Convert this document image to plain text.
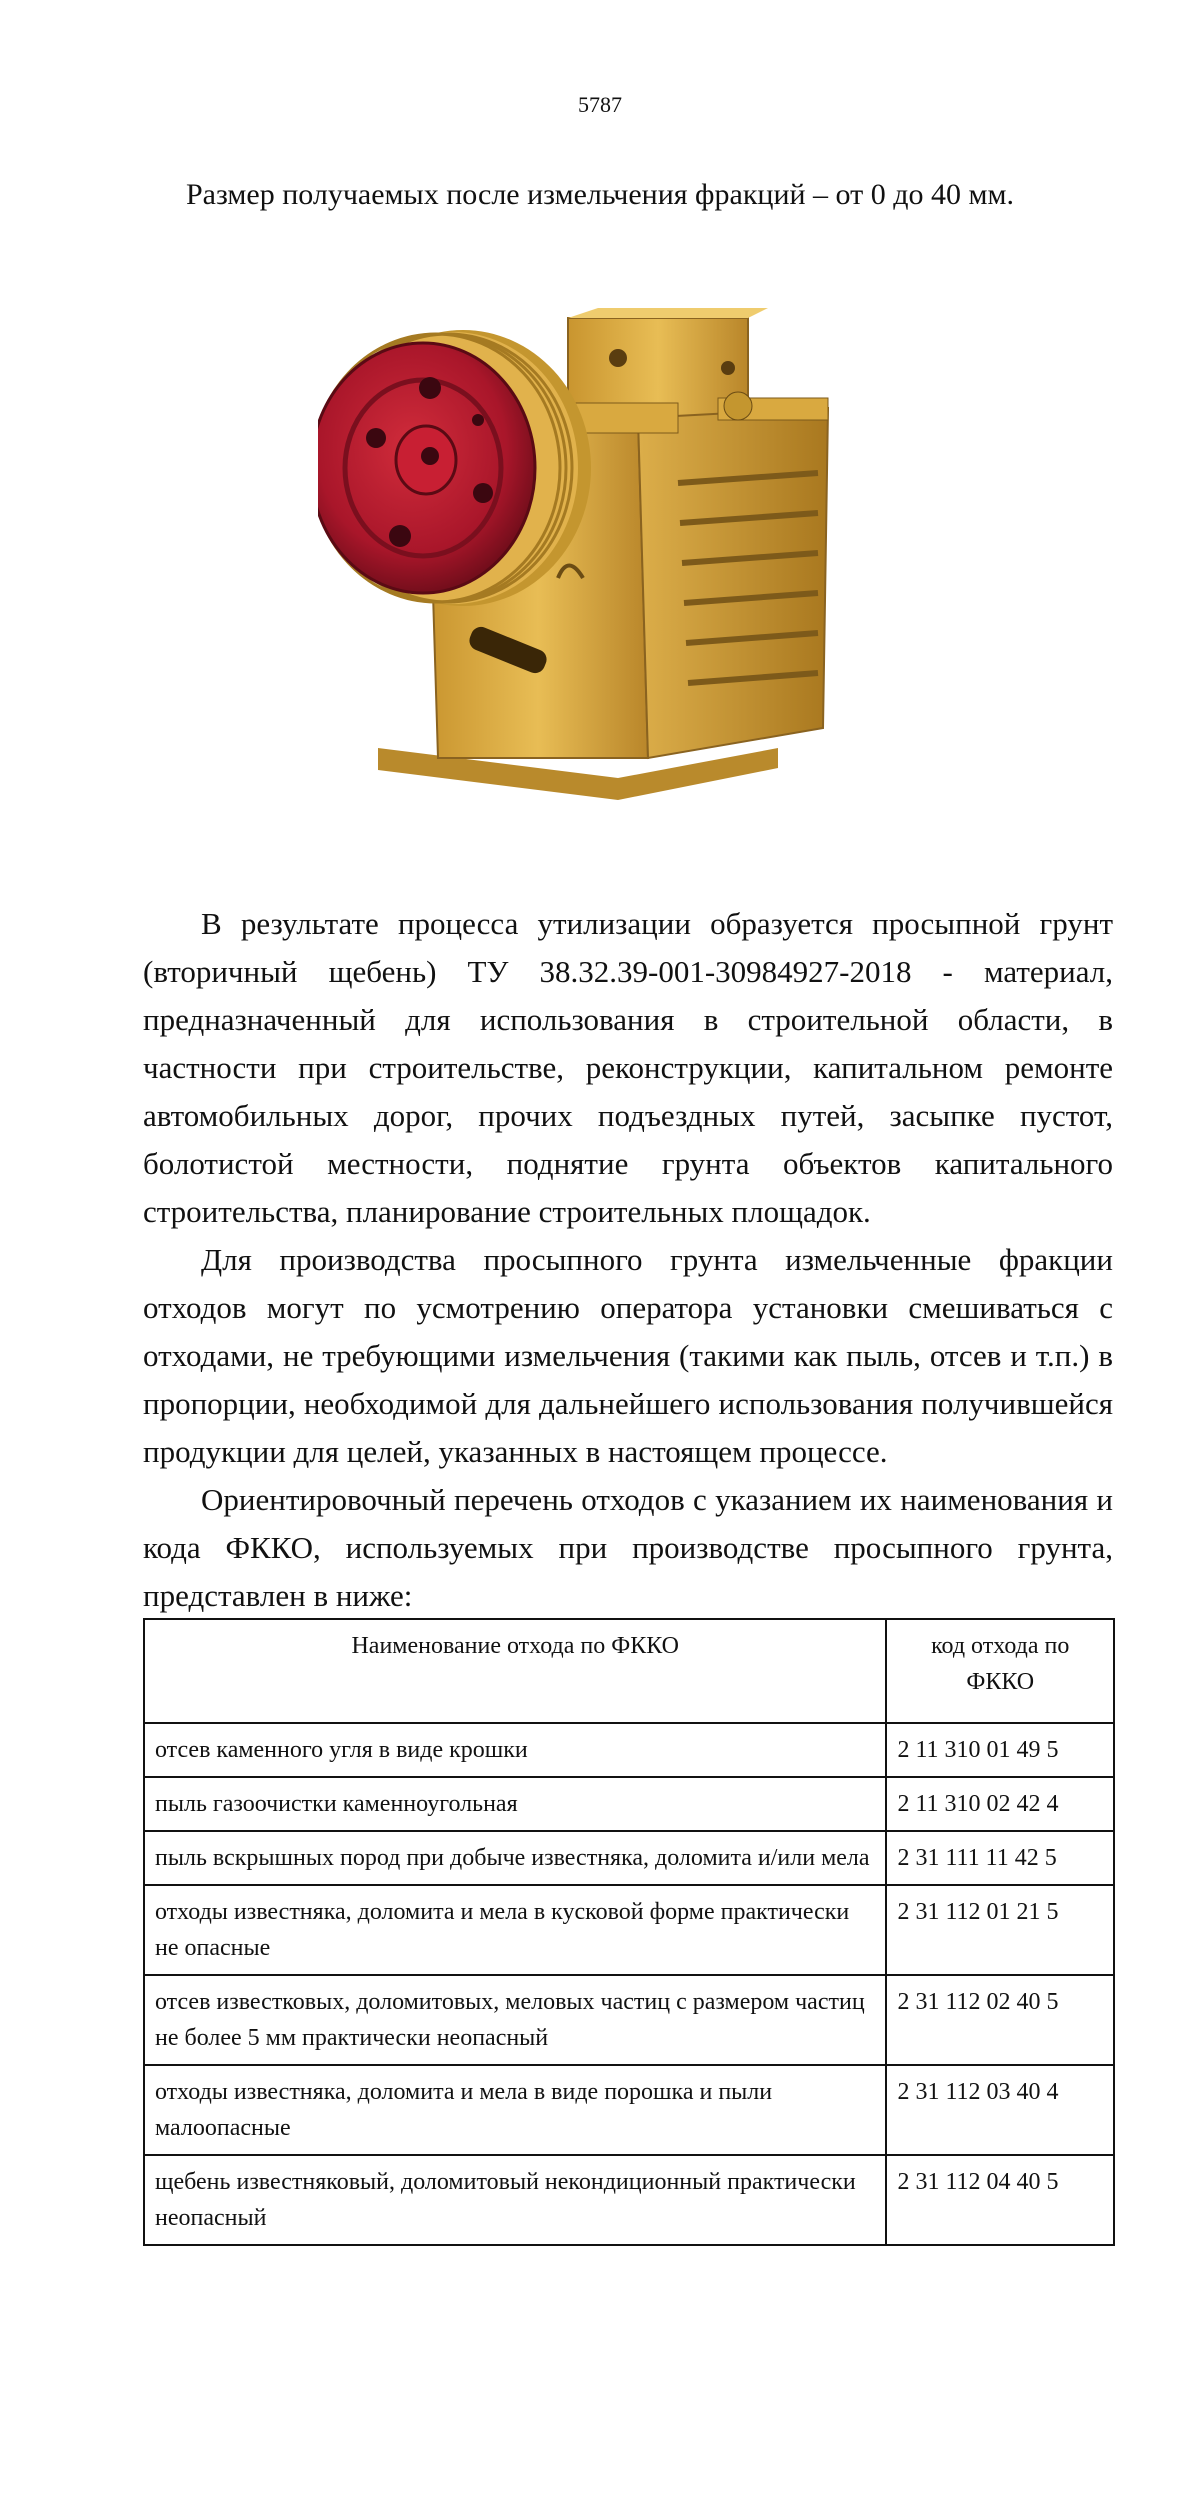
5787
Размер получаемых после измельчения фракций – от 0 до 40 мм.

В результате процесса утилизации образуется просыпной грунт (вторичный щебень) ТУ 38.32.39-001-30984927-2018 - материал, предназначенный для использования в строительной области, в частности при строительстве, реконструкции, капитальном ремонте автомобильных дорог, прочих подъездных путей, засыпке пустот, болотистой местности, поднятие грунта объектов капитального строительства, планирование строительных площадок.

Для производства просыпного грунта измельченные фракции отходов могут по усмотрению оператора установки смешиваться с отходами, не требующими измельчения (такими как пыль, отсев и т.п.) в пропорции, необходимой для дальнейшего использования получившейся продукции для целей, указанных в настоящем процессе.

Ориентировочный перечень отходов с указанием их наименования и кода ФККО, используемых при производстве просыпного грунта, представлен в ниже:

Наименование отхода по ФККО	код отхода по ФККО
отсев каменного угля в виде крошки	2 11 310 01 49 5
пыль газоочистки каменноугольная	2 11 310 02 42 4
пыль вскрышных пород при добыче известняка, доломита и/или мела	2 31 111 11 42 5
отходы известняка, доломита и мела в кусковой форме практически не опасные	2 31 112 01 21 5
отсев известковых, доломитовых, меловых частиц с размером частиц не более 5 мм практически неопасный	2 31 112 02 40 5
отходы известняка, доломита и мела в виде порошка и пыли малоопасные	2 31 112 03 40 4
щебень известняковый, доломитовый некондиционный практически неопасный	2 31 112 04 40 5
